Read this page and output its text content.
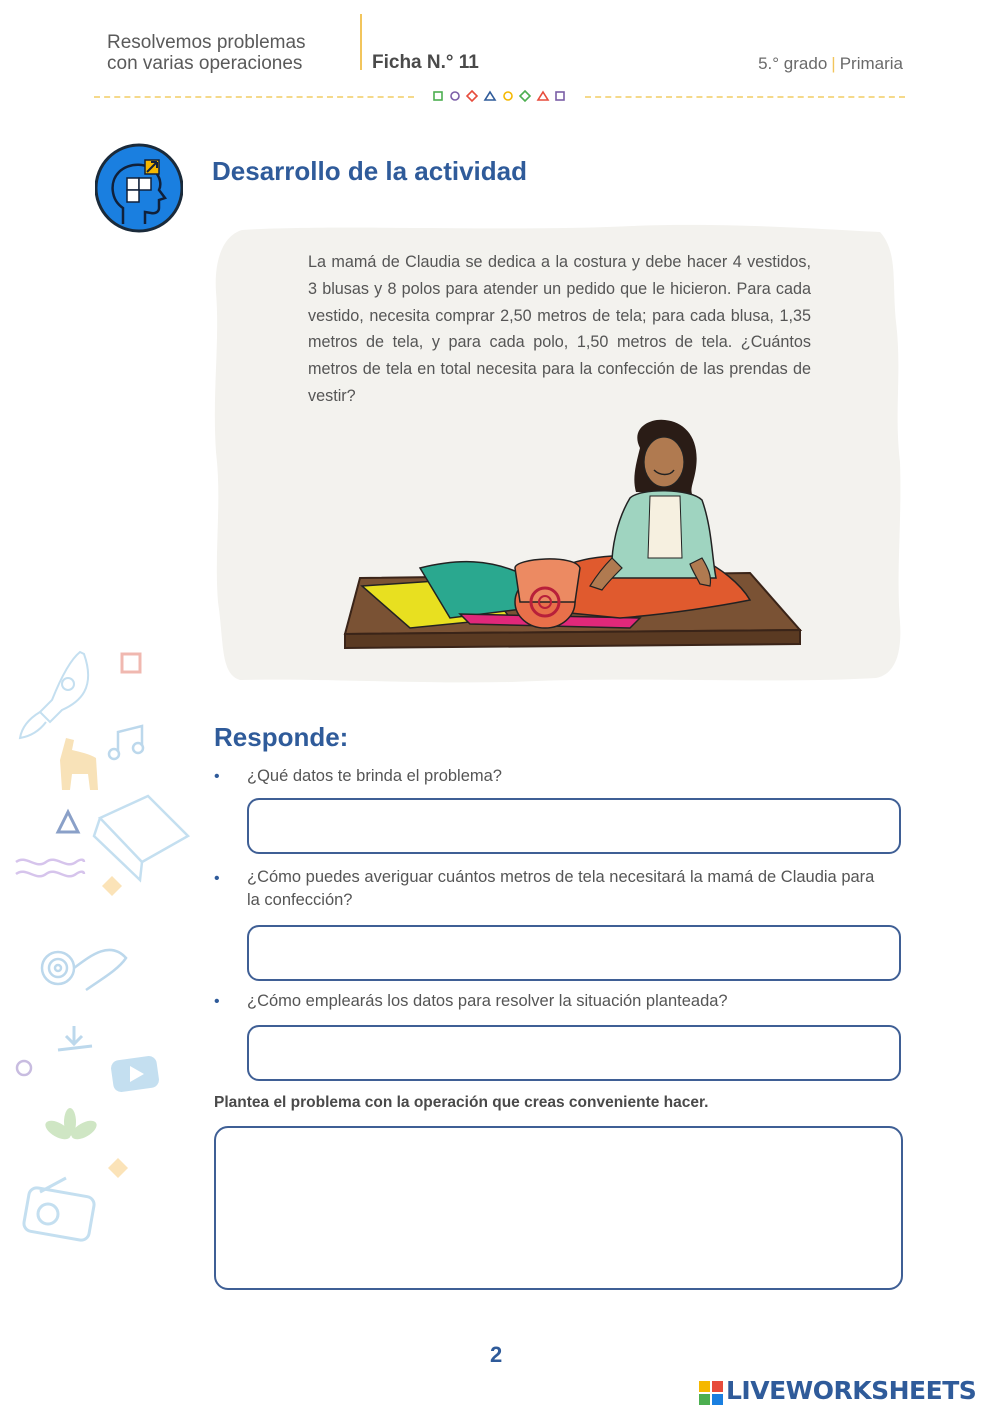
Resolvemos problemas
con varias operaciones	Ficha N.° 11	5.° grado | Primaria
Desarrollo de la actividad
La mamá de Claudia se dedica a la costura y debe hacer 4 vestidos, 3 blusas y 8 polos para atender un pedido que le hicieron. Para cada vestido, necesita comprar 2,50 metros de tela; para cada blusa, 1,35 metros de tela, y para cada polo, 1,50 metros de tela. ¿Cuántos metros de tela en total necesita para la confección de las prendas de vestir?
Responde:
• ¿Qué datos te brinda el problema?
• ¿Cómo puedes averiguar cuántos metros de tela necesitará la mamá de Claudia para la confección?
• ¿Cómo emplearás los datos para resolver la situación planteada?
Plantea el problema con la operación que creas conveniente hacer.
2
LIVEWORKSHEETS
